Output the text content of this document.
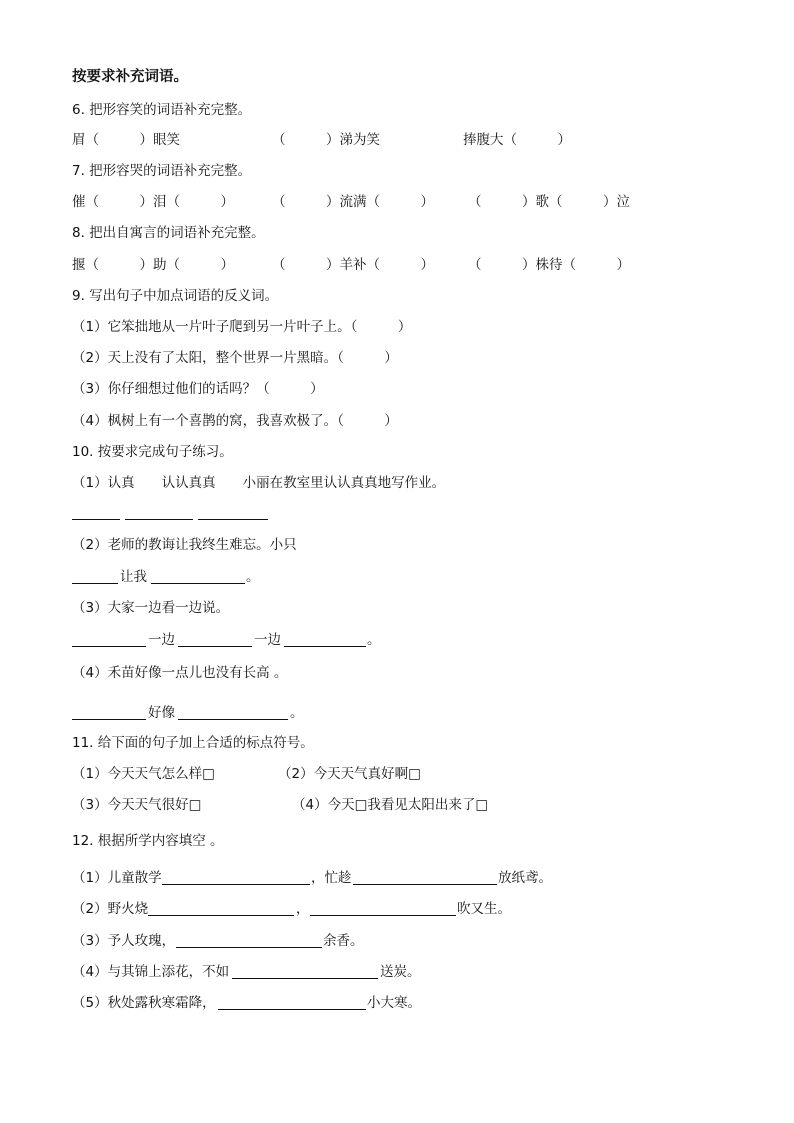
按要求补充词语。
6. 把形容笑的词语补充完整。
眉（　　　）眼笑	（　　　）涕为笑	捧腹大（　　　）
7. 把形容哭的词语补充完整。
催（　　　）泪（　　　）	（　　　）流满（　　　）	（　　　）歌（　　　）泣
8. 把出自寓言的词语补充完整。
揠（　　　）助（　　　）	（　　　）羊补（　　　）	（　　　）株待（　　　）
9. 写出句子中加点词语的反义词。
（1）它笨拙地从一片叶子爬到另一片叶子上。（　　　）
（2）天上没有了太阳，整个世界一片黑暗。（　　　）
（3）你仔细想过他们的话吗？（　　　）
（4）枫树上有一个喜鹊的窝，我喜欢极了。（　　　）
10. 按要求完成句子练习。
（1）认真　　认认真真　　小丽在教室里认认真真地写作业。
（2）老师的教诲让我终生难忘。小只
让我	。
（3）大家一边看一边说。
一边	一边	。
（4）禾苗好像一点儿也没有长高 。
好像	。
11. 给下面的句子加上合适的标点符号。
（1）今天天气怎么样□	（2）今天天气真好啊□
（3）今天天气很好□	（4）今天□我看见太阳出来了□
12. 根据所学内容填空 。
（1）儿童散学	，忙趁	放纸鸢。
（2）野火烧	，	吹又生。
（3）予人玫瑰，	余香。
（4）与其锦上添花，不如	送炭。
（5）秋处露秋寒霜降，	小大寒。
